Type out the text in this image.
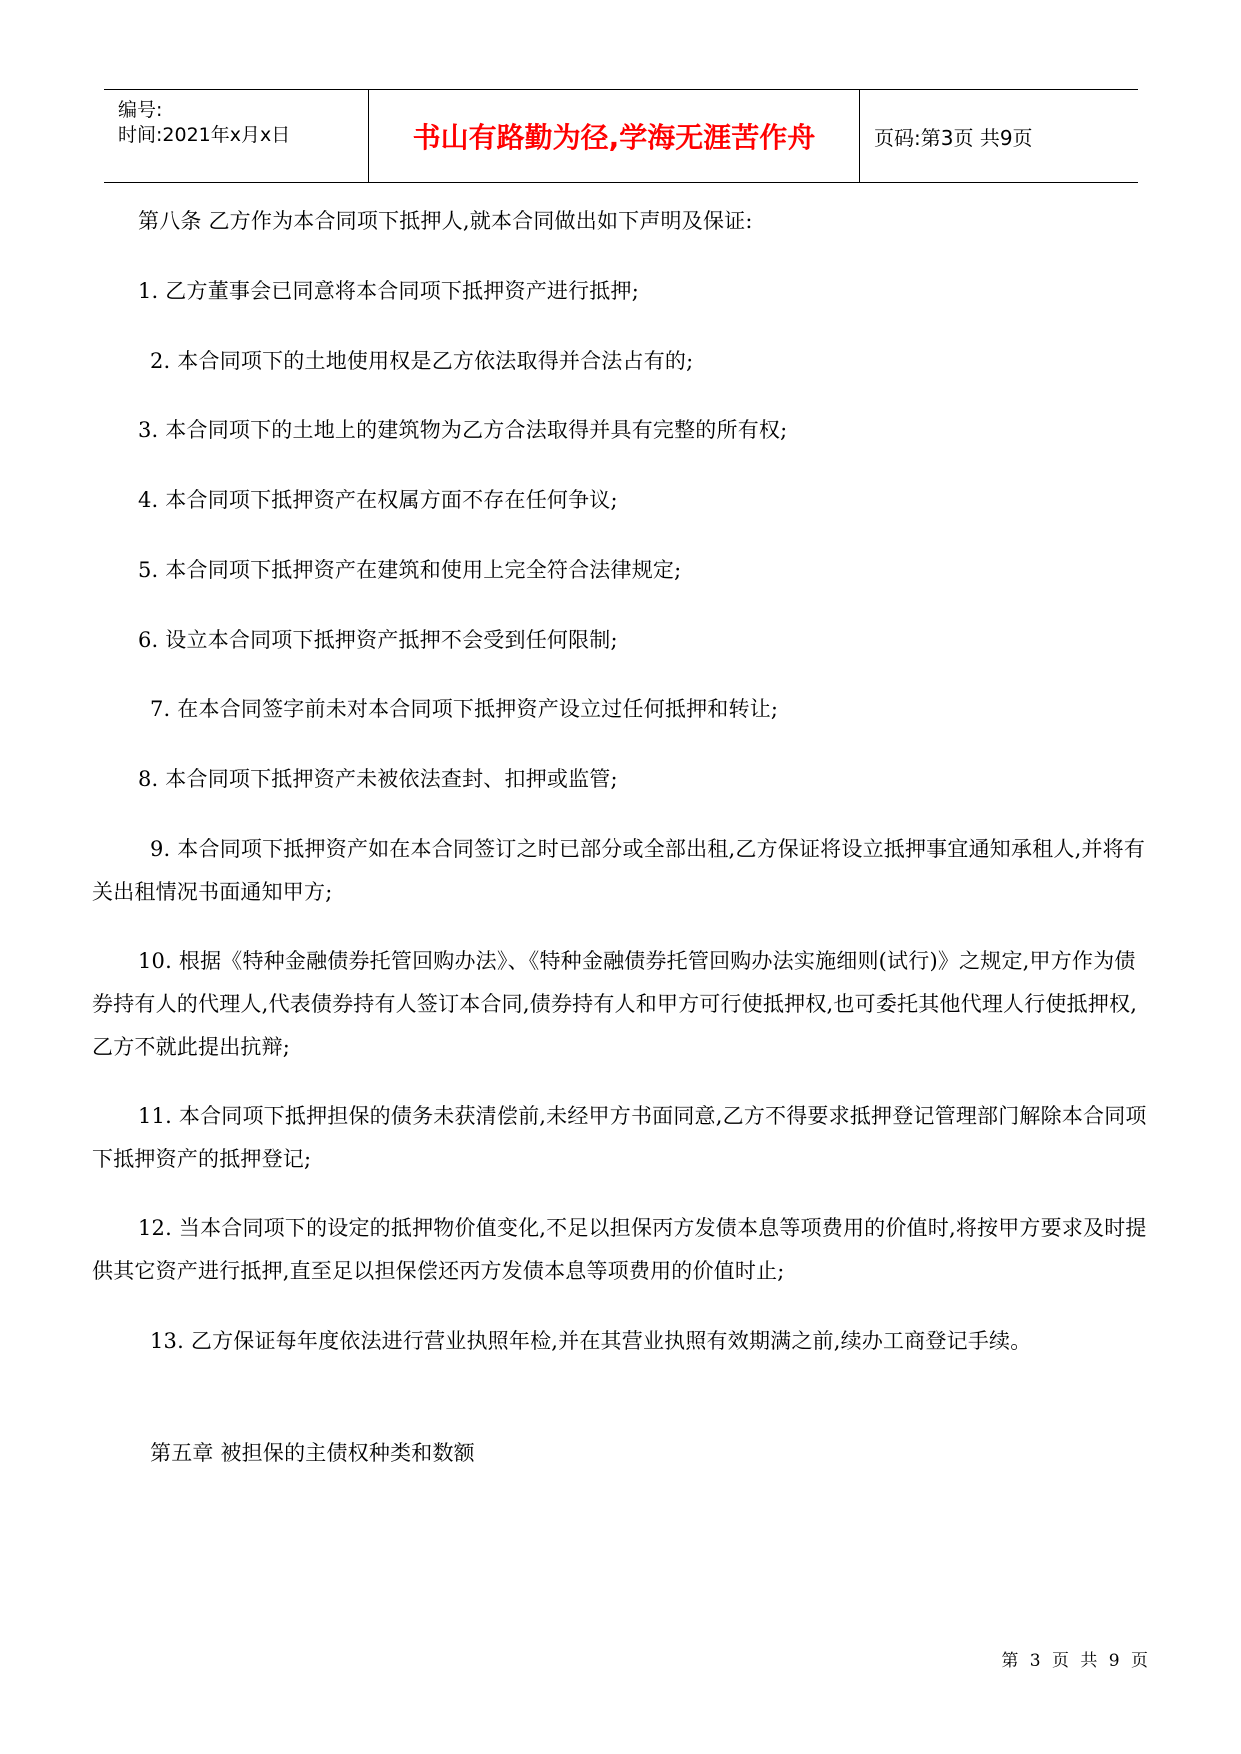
编号:
时间:2021年x月x日	书山有路勤为径,学海无涯苦作舟	页码:第3页 共9页

第八条 乙方作为本合同项下抵押人,就本合同做出如下声明及保证:

1. 乙方董事会已同意将本合同项下抵押资产进行抵押;

2. 本合同项下的土地使用权是乙方依法取得并合法占有的;

3. 本合同项下的土地上的建筑物为乙方合法取得并具有完整的所有权;

4. 本合同项下抵押资产在权属方面不存在任何争议;

5. 本合同项下抵押资产在建筑和使用上完全符合法律规定;

6. 设立本合同项下抵押资产抵押不会受到任何限制;

7. 在本合同签字前未对本合同项下抵押资产设立过任何抵押和转让;

8. 本合同项下抵押资产未被依法查封、扣押或监管;

9. 本合同项下抵押资产如在本合同签订之时已部分或全部出租,乙方保证将设立抵押事宜通知承租人,并将有关出租情况书面通知甲方;

10. 根据《特种金融债券托管回购办法》、《特种金融债券托管回购办法实施细则(试行)》之规定,甲方作为债券持有人的代理人,代表债券持有人签订本合同,债券持有人和甲方可行使抵押权,也可委托其他代理人行使抵押权,乙方不就此提出抗辩;

11. 本合同项下抵押担保的债务未获清偿前,未经甲方书面同意,乙方不得要求抵押登记管理部门解除本合同项下抵押资产的抵押登记;

12. 当本合同项下的设定的抵押物价值变化,不足以担保丙方发债本息等项费用的价值时,将按甲方要求及时提供其它资产进行抵押,直至足以担保偿还丙方发债本息等项费用的价值时止;

13. 乙方保证每年度依法进行营业执照年检,并在其营业执照有效期满之前,续办工商登记手续。

第五章 被担保的主债权种类和数额

第 3 页 共 9 页
